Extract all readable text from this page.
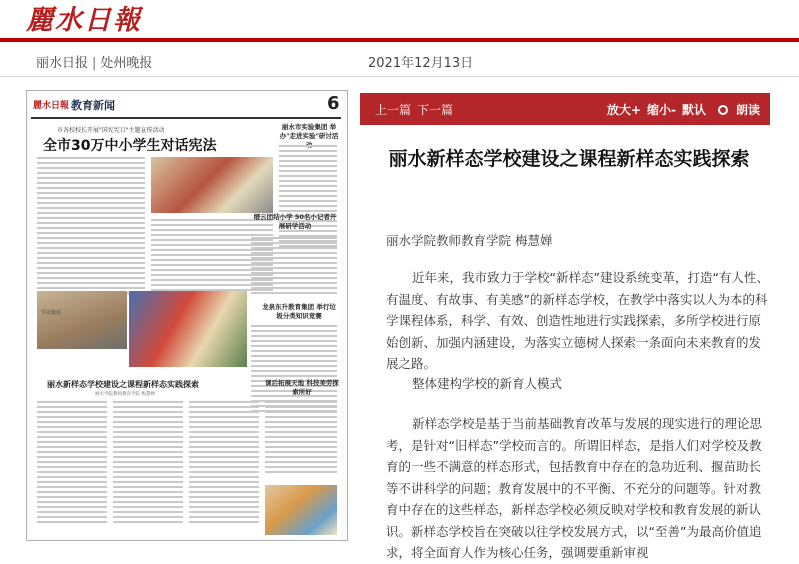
麗水日報
丽水日报 | 处州晚报	2021年12月13日
麗水日報 教育新闻	6
市各校校长开展"国宪宪日"主题宣传活动
全市30万中小学生对话宪法
丽水市实验集团 举办"走进实验"研讨活
缙云团结小学 50名小记者开展研学活动
龙泉东升教育集团 举行垃圾分类知识竞赛
学以致用
丽水新样态学校建设之课程新样态实践探索
丽水学院教师教育学院 梅慧婵
课后拓展天地 科技美劳探索所好
上一篇 下一篇	放大+ 缩小- 默认	朗读
丽水新样态学校建设之课程新样态实践探索
丽水学院教师教育学院 梅慧婵
近年来，我市致力于学校“新样态”建设系统变革，打造“有人性、有温度、有故事、有美感”的新样态学校，在教学中落实以人为本的科学课程体系，科学、有效、创造性地进行实践探索，多所学校进行原始创新、加强内涵建设，为落实立德树人探索一条面向未来教育的发展之路。
整体建构学校的新育人模式
新样态学校是基于当前基础教育改革与发展的现实进行的理论思考，是针对“旧样态”学校而言的。所谓旧样态，是指人们对学校及教育的一些不满意的样态形式，包括教育中存在的急功近利、揠苗助长等不讲科学的问题；教育发展中的不平衡、不充分的问题等。针对教育中存在的这些样态，新样态学校必须反映对学校和教育发展的新认识。新样态学校旨在突破以往学校发展方式，以“至善”为最高价值追求，将全面育人作为核心任务，强调要重新审视
